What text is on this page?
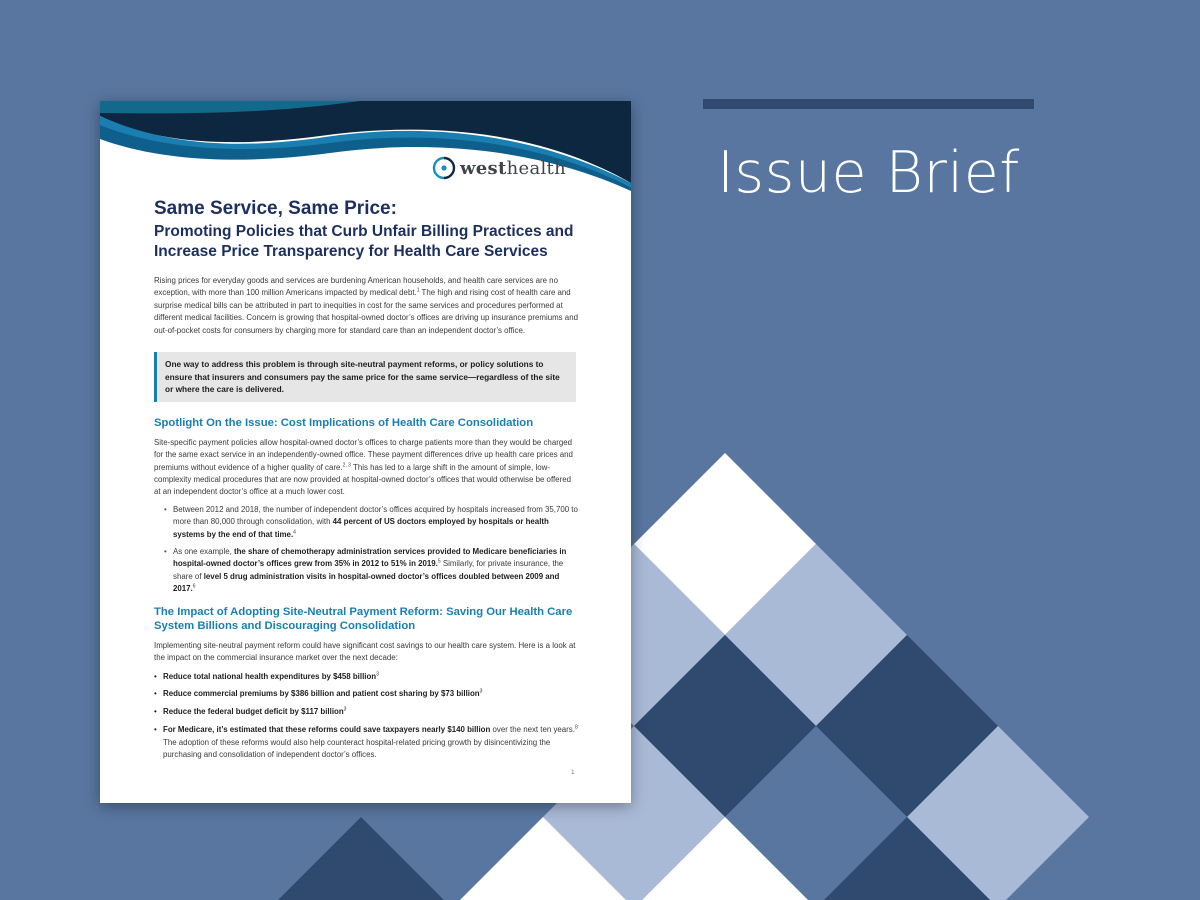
Issue Brief
westhealth
Same Service, Same Price:
Promoting Policies that Curb Unfair Billing Practices and Increase Price Transparency for Health Care Services

Rising prices for everyday goods and services are burdening American households, and health care services are no exception, with more than 100 million Americans impacted by medical debt.$^1$ The high and rising cost of health care and surprise medical bills can be attributed in part to inequities in cost for the same services and procedures performed at different medical facilities. Concern is growing that hospital-owned doctor’s offices are driving up insurance premiums and out-of-pocket costs for consumers by charging more for standard care than an independent doctor’s office.

One way to address this problem is through site-neutral payment reforms, or policy solutions to ensure that insurers and consumers pay the same price for the same service—regardless of the site or where the care is delivered.
Spotlight On the Issue: Cost Implications of Health Care Consolidation

Site-specific payment policies allow hospital-owned doctor’s offices to charge patients more than they would be charged for the same exact service in an independently-owned office. These payment differences drive up health care prices and premiums without evidence of a higher quality of care.$^{2, 3}$ This has led to a large shift in the amount of simple, low-complexity medical procedures that are now provided at hospital-owned doctor’s offices that would otherwise be offered at an independent doctor’s office at a much lower cost.

• Between 2012 and 2018, the number of independent doctor’s offices acquired by hospitals increased from 35,700 to more than 80,000 through consolidation, with 44 percent of US doctors employed by hospitals or health systems by the end of that time.$^4$
• As one example, the share of chemotherapy administration services provided to Medicare beneficiaries in hospital-owned doctor’s offices grew from 35% in 2012 to 51% in 2019.$^5$ Similarly, for private insurance, the share of level 5 drug administration visits in hospital-owned doctor’s offices doubled between 2009 and 2017.$^6$
The Impact of Adopting Site-Neutral Payment Reform: Saving Our Health Care System Billions and Discouraging Consolidation

Implementing site-neutral payment reform could have significant cost savings to our health care system. Here is a look at the impact on the commercial insurance market over the next decade:

• Reduce total national health expenditures by $458 billion$^3$
• Reduce commercial premiums by $386 billion and patient cost sharing by $73 billion$^3$
• Reduce the federal budget deficit by $117 billion$^3$
• For Medicare, it’s estimated that these reforms could save taxpayers nearly $140 billion over the next ten years.$^8$ The adoption of these reforms would also help counteract hospital-related pricing growth by disincentivizing the purchasing and consolidation of independent doctor’s offices.
1
